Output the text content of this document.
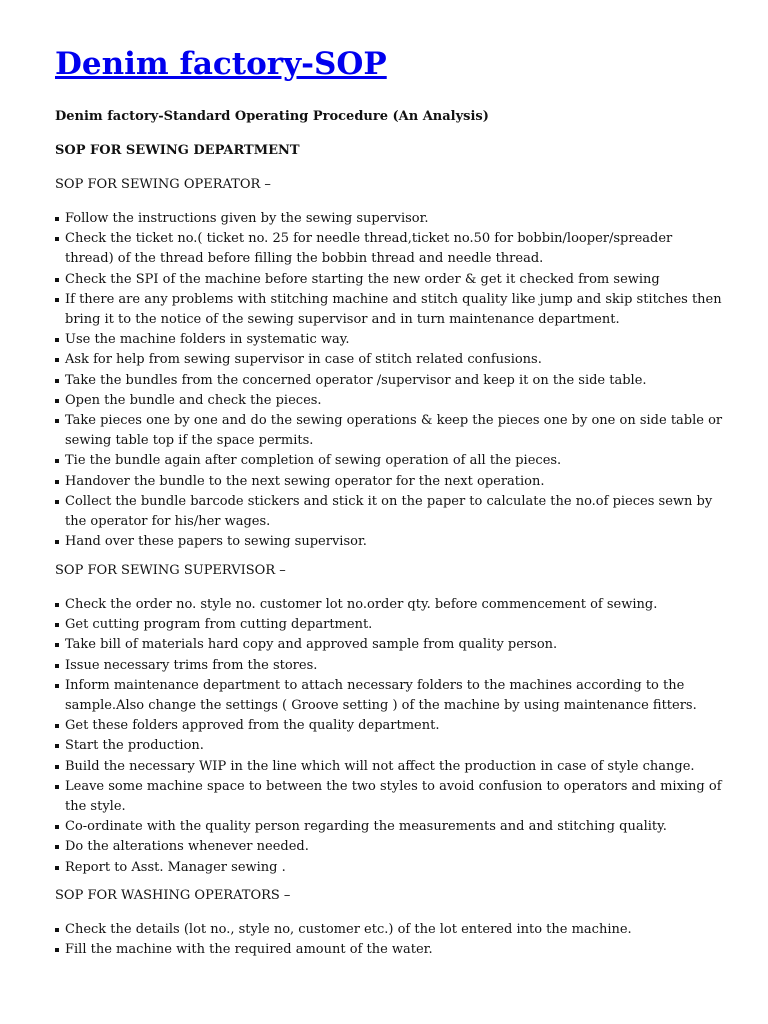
Denim factory-SOP
Denim factory-Standard Operating Procedure (An Analysis)
SOP FOR SEWING DEPARTMENT
SOP FOR SEWING OPERATOR –
Follow the instructions given by the sewing supervisor.
Check the ticket no.( ticket no. 25 for needle thread,ticket no.50 for bobbin/looper/spreader thread) of the thread before filling the bobbin thread and needle thread.
Check the SPI of the machine before starting the new order & get it checked from sewing
If there are any problems with stitching machine and stitch quality like jump and skip stitches then bring it to the notice of the sewing supervisor and in turn maintenance department.
Use the machine folders in systematic way.
Ask for help from sewing supervisor in case of stitch related confusions.
Take the bundles from the concerned operator /supervisor and keep it on the side table.
Open the bundle and check the pieces.
Take pieces one by one and do the sewing operations & keep the pieces one by one on side table or sewing table top if the space permits.
Tie the bundle again after completion of sewing operation of all the pieces.
Handover the bundle to the next sewing operator for the next operation.
Collect the bundle barcode stickers and stick it on the paper to calculate the no.of pieces sewn by the operator for his/her wages.
Hand over these papers to sewing supervisor.
SOP FOR SEWING SUPERVISOR –
Check the order no. style no. customer lot no.order qty. before commencement of sewing.
Get cutting program from cutting department.
Take bill of materials hard copy and approved sample from quality person.
Issue necessary trims from the stores.
Inform maintenance department to attach necessary folders to the machines according to the sample.Also change the settings ( Groove setting ) of the machine by using maintenance fitters.
Get these folders approved from the quality department.
Start the production.
Build the necessary WIP in the line which will not affect the production in case of style change.
Leave some machine space to between the two styles to avoid confusion to operators and mixing of the style.
Co-ordinate with the quality person regarding the measurements and and stitching quality.
Do the alterations whenever needed.
Report to Asst. Manager sewing .
SOP FOR WASHING OPERATORS –
Check the details (lot no., style no, customer etc.) of the lot entered into the machine.
Fill the machine with the required amount of the water.
